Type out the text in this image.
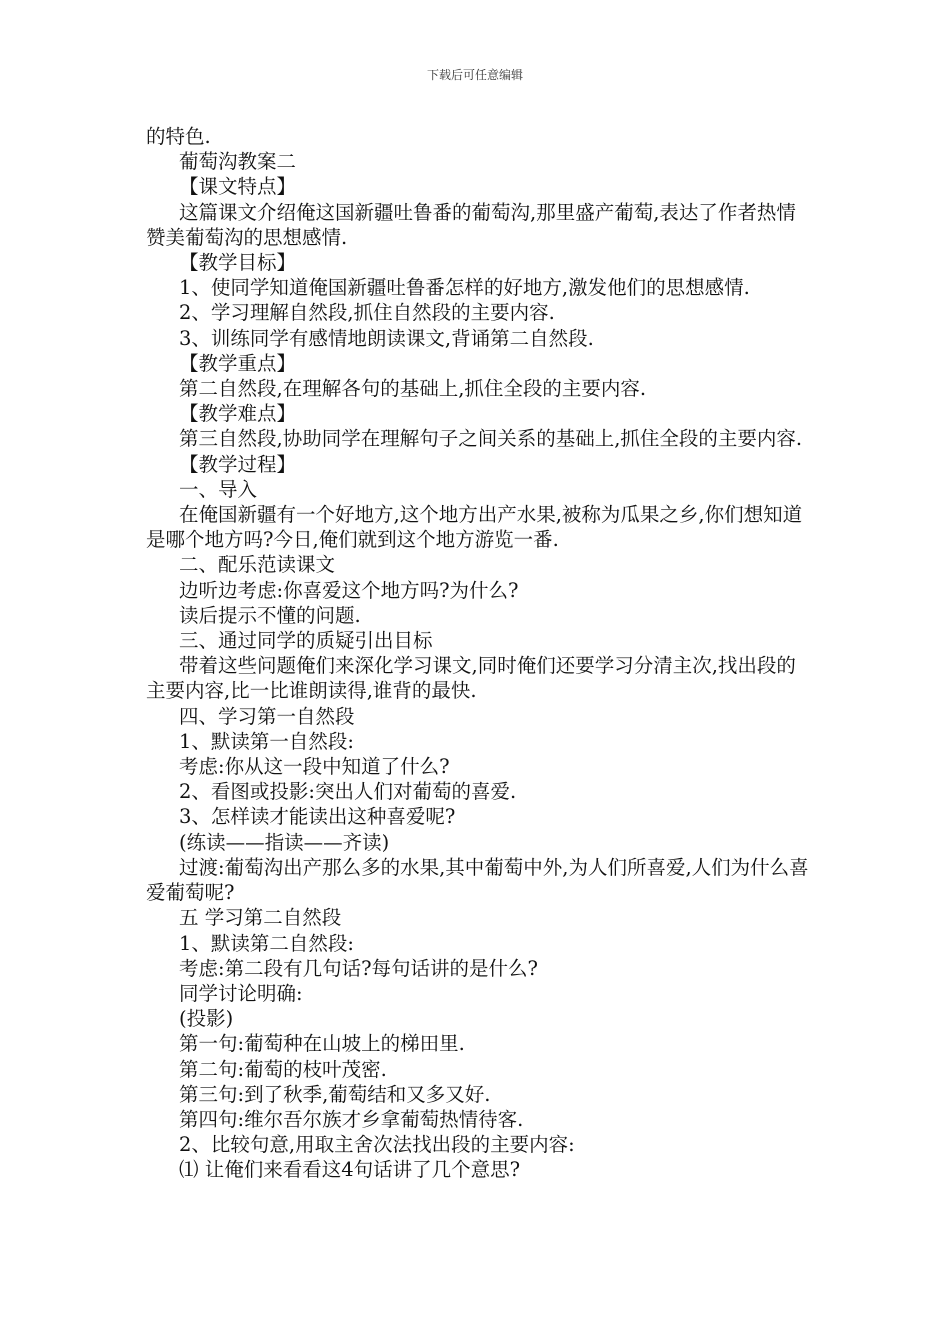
下载后可任意编辑

的特色.

葡萄沟教案二

【课文特点】

这篇课文介绍俺这国新疆吐鲁番的葡萄沟,那里盛产葡萄,表达了作者热情赞美葡萄沟的思想感情.

【教学目标】

1、使同学知道俺国新疆吐鲁番怎样的好地方,激发他们的思想感情.

2、学习理解自然段,抓住自然段的主要内容.

3、训练同学有感情地朗读课文,背诵第二自然段.

【教学重点】

第二自然段,在理解各句的基础上,抓住全段的主要内容.

【教学难点】

第三自然段,协助同学在理解句子之间关系的基础上,抓住全段的主要内容.

【教学过程】

一、导入

在俺国新疆有一个好地方,这个地方出产水果,被称为瓜果之乡,你们想知道是哪个地方吗?今日,俺们就到这个地方游览一番.

二、配乐范读课文

边听边考虑:你喜爱这个地方吗?为什么?

读后提示不懂的问题.

三、通过同学的质疑引出目标

带着这些问题俺们来深化学习课文,同时俺们还要学习分清主次,找出段的主要内容,比一比谁朗读得,谁背的最快.

四、学习第一自然段

1、默读第一自然段:

考虑:你从这一段中知道了什么?

2、看图或投影:突出人们对葡萄的喜爱.

3、怎样读才能读出这种喜爱呢?

(练读——指读——齐读)

过渡:葡萄沟出产那么多的水果,其中葡萄中外,为人们所喜爱,人们为什么喜爱葡萄呢?

五 学习第二自然段

1、默读第二自然段:

考虑:第二段有几句话?每句话讲的是什么?

同学讨论明确:

(投影)

第一句:葡萄种在山坡上的梯田里.

第二句:葡萄的枝叶茂密.

第三句:到了秋季,葡萄结和又多又好.

第四句:维尔吾尔族才乡拿葡萄热情待客.

2、比较句意,用取主舍次法找出段的主要内容:

⑴ 让俺们来看看这4句话讲了几个意思?
